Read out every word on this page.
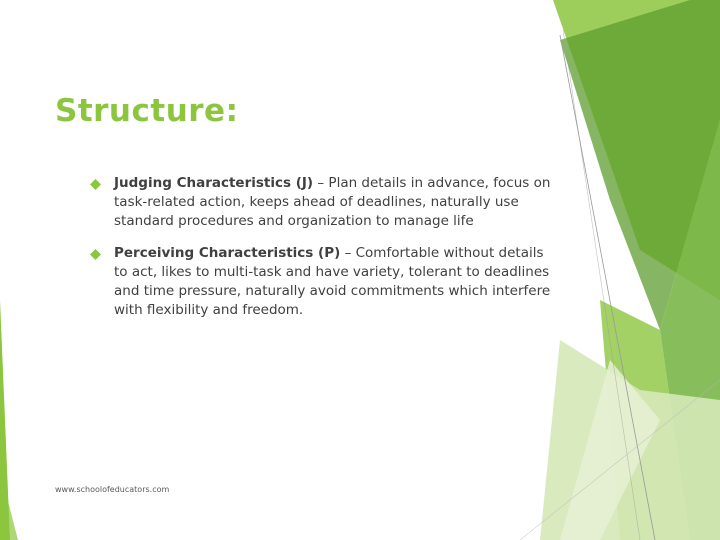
Structure:
Judging Characteristics (J) – Plan details in advance, focus on task-related action, keeps ahead of deadlines, naturally use standard procedures and organization to manage life
Perceiving Characteristics (P) – Comfortable without details to act, likes to multi-task and have variety, tolerant to deadlines and time pressure, naturally avoid commitments which interfere with flexibility and freedom.
www.schoolofeducators.com
